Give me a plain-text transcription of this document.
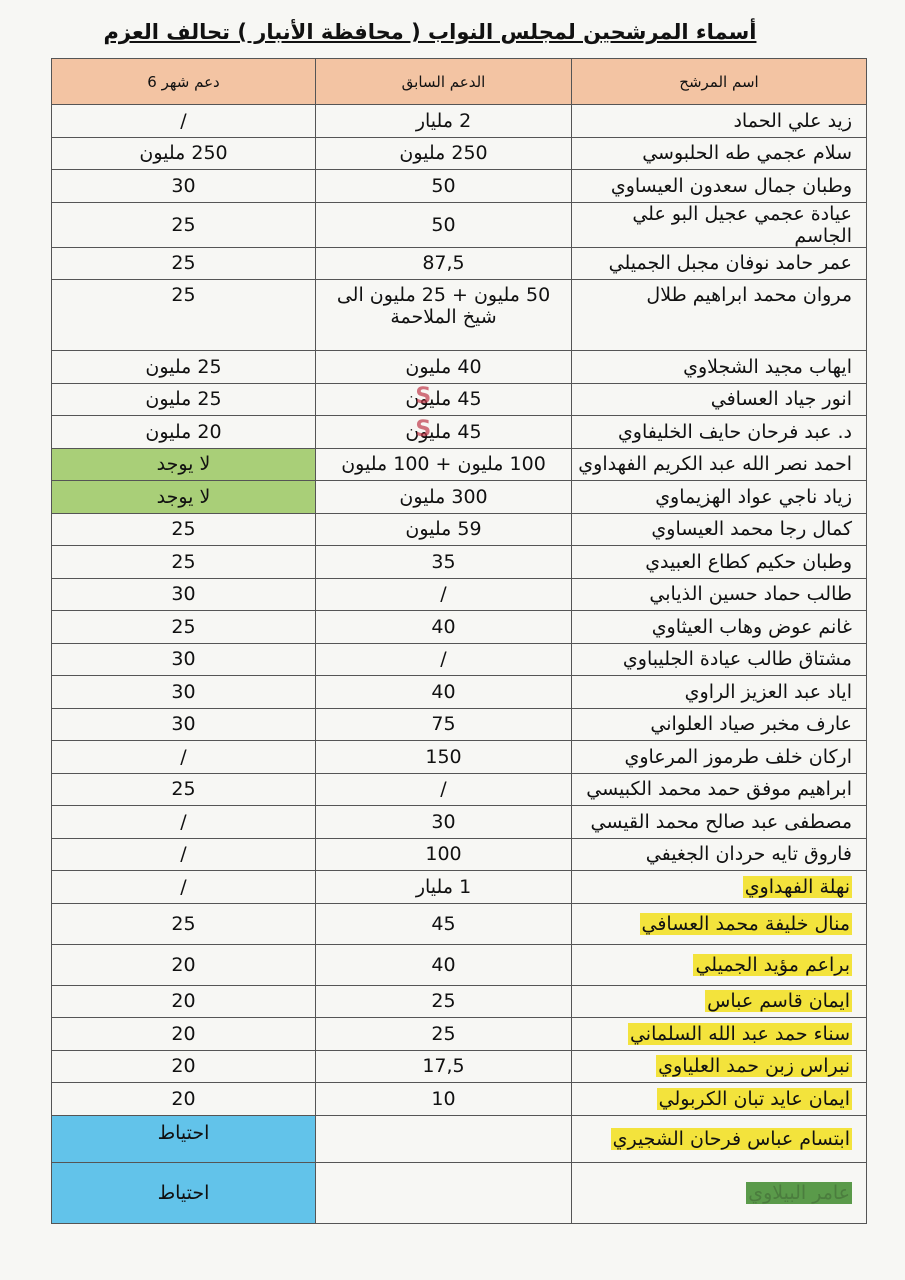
أسماء المرشحين لمجلس النواب ( محافظة الأنبار ) تحالف العزم
اسم المرشح	الدعم السابق	دعم شهر 6
زيد علي الحماد	2 مليار	/
سلام عجمي طه الحلبوسي	250 مليون	250 مليون
وطبان جمال سعدون العيساوي	50	30
عيادة عجمي عجيل البو علي الجاسم	50	25
عمر حامد نوفان مجبل الجميلي	87,5	25
مروان محمد ابراهيم طلال	50 مليون + 25 مليون الى شيخ الملاحمة	25
ايهاب مجيد الشجلاوي	40 مليون	25 مليون
انور جياد العسافي	45 مليون S	25 مليون
د. عبد فرحان حايف الخليفاوي	45 مليون S	20 مليون
احمد نصر الله عبد الكريم الفهداوي	100 مليون + 100 مليون	لا يوجد
زياد ناجي عواد الهزيماوي	300 مليون	لا يوجد
كمال رجا محمد العيساوي	59 مليون	25
وطبان حكيم كطاع العبيدي	35	25
طالب حماد حسين الذيابي	/	30
غانم عوض وهاب العيثاوي	40	25
مشتاق طالب عيادة الجليباوي	/	30
اياد عبد العزيز الراوي	40	30
عارف مخبر صياد العلواني	75	30
اركان خلف طرموز المرعاوي	150	/
ابراهيم موفق حمد محمد الكبيسي	/	25
مصطفى عبد صالح محمد القيسي	30	/
فاروق تايه حردان الجغيفي	100	/
نهلة الفهداوي	1 مليار	/
منال خليفة محمد العسافي	45	25
براعم مؤيد الجميلي	40	20
ايمان قاسم عباس	25	20
سناء حمد عبد الله السلماني	25	20
نبراس زبن حمد العلياوي	17,5	20
ايمان عايد تبان الكربولي	10	20
ابتسام عباس فرحان الشجيري		احتياط
عامر البيلاوي		احتياط
